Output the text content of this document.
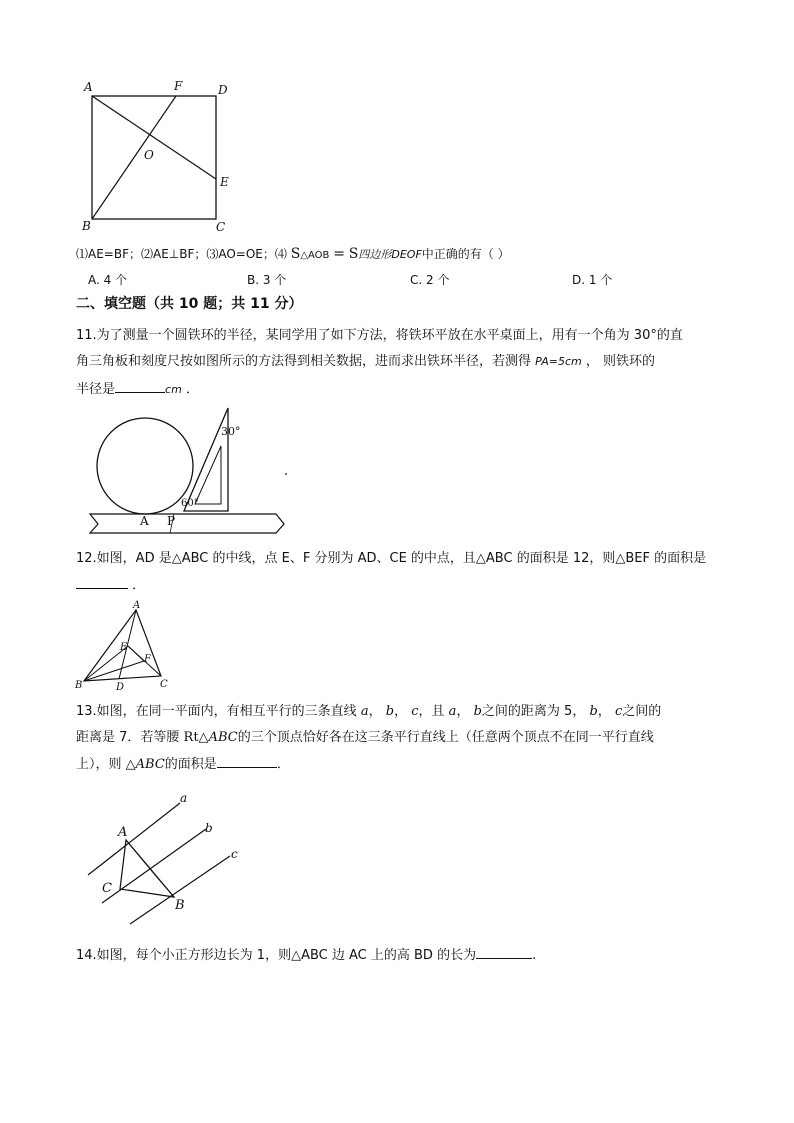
A	F	D
O
E
B	C
⑴AE=BF；⑵AE⊥BF；⑶AO=OE；⑷ S△AOB = S四边形DEOF中正确的有（ ）
A. 4 个	B. 3 个	C. 2 个	D. 1 个
二、填空题（共 10 题；共 11 分）
11.为了测量一个圆铁环的半径，某同学用了如下方法，将铁环平放在水平桌面上，用有一个角为 30°的直
角三角板和刻度尺按如图所示的方法得到相关数据，进而求出铁环半径，若测得 PA=5cm ， 则铁环的
半径是	cm ．
30°
60°
A P
12.如图，AD 是△ABC 的中线，点 E、F 分别为 AD、CE 的中点，且△ABC 的面积是 12，则△BEF 的面积是
．
A
E
F
B	D	C
13.如图，在同一平面内，有相互平行的三条直线 a， b， c，且 a， b之间的距离为 5， b， c之间的
距离是 7．若等腰 Rt△ABC的三个顶点恰好各在这三条平行直线上（任意两个顶点不在同一平行直线
上），则 △ABC的面积是	．
a
b
c
A
C
B
14.如图，每个小正方形边长为 1，则△ABC 边 AC 上的高 BD 的长为	.
